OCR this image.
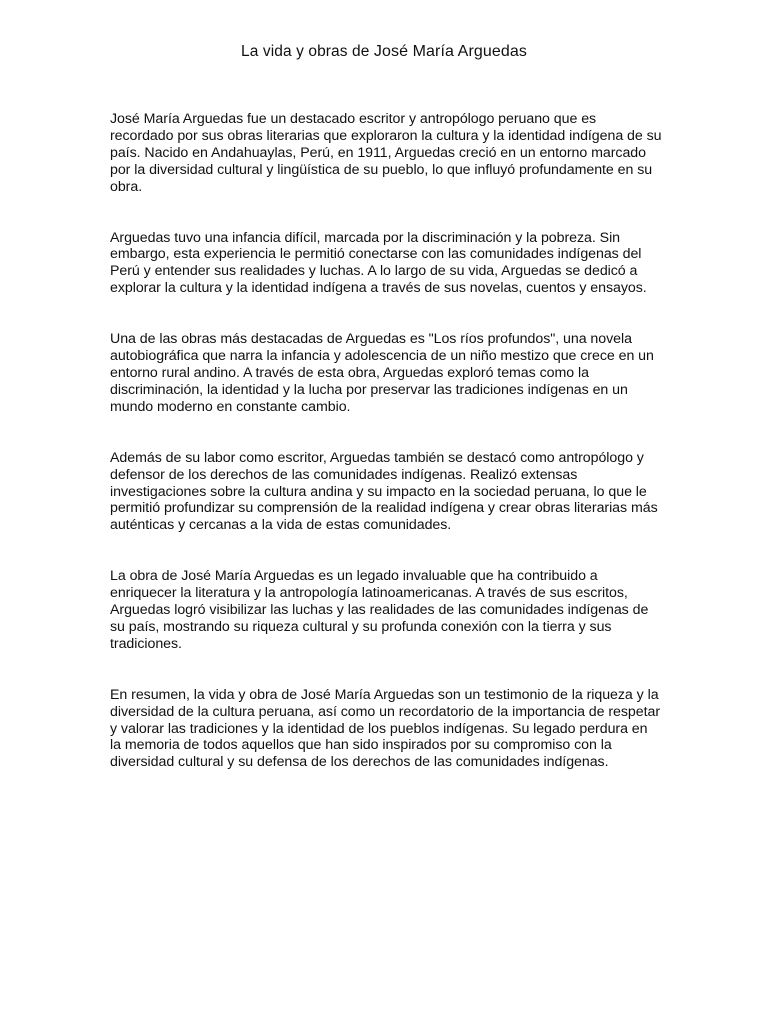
La vida y obras de José María Arguedas

José María Arguedas fue un destacado escritor y antropólogo peruano que es recordado por sus obras literarias que exploraron la cultura y la identidad indígena de su país. Nacido en Andahuaylas, Perú, en 1911, Arguedas creció en un entorno marcado por la diversidad cultural y lingüística de su pueblo, lo que influyó profundamente en su obra.

Arguedas tuvo una infancia difícil, marcada por la discriminación y la pobreza. Sin embargo, esta experiencia le permitió conectarse con las comunidades indígenas del Perú y entender sus realidades y luchas. A lo largo de su vida, Arguedas se dedicó a explorar la cultura y la identidad indígena a través de sus novelas, cuentos y ensayos.

Una de las obras más destacadas de Arguedas es "Los ríos profundos", una novela autobiográfica que narra la infancia y adolescencia de un niño mestizo que crece en un entorno rural andino. A través de esta obra, Arguedas exploró temas como la discriminación, la identidad y la lucha por preservar las tradiciones indígenas en un mundo moderno en constante cambio.

Además de su labor como escritor, Arguedas también se destacó como antropólogo y defensor de los derechos de las comunidades indígenas. Realizó extensas investigaciones sobre la cultura andina y su impacto en la sociedad peruana, lo que le permitió profundizar su comprensión de la realidad indígena y crear obras literarias más auténticas y cercanas a la vida de estas comunidades.

La obra de José María Arguedas es un legado invaluable que ha contribuido a enriquecer la literatura y la antropología latinoamericanas. A través de sus escritos, Arguedas logró visibilizar las luchas y las realidades de las comunidades indígenas de su país, mostrando su riqueza cultural y su profunda conexión con la tierra y sus tradiciones.

En resumen, la vida y obra de José María Arguedas son un testimonio de la riqueza y la diversidad de la cultura peruana, así como un recordatorio de la importancia de respetar y valorar las tradiciones y la identidad de los pueblos indígenas. Su legado perdura en la memoria de todos aquellos que han sido inspirados por su compromiso con la diversidad cultural y su defensa de los derechos de las comunidades indígenas.
